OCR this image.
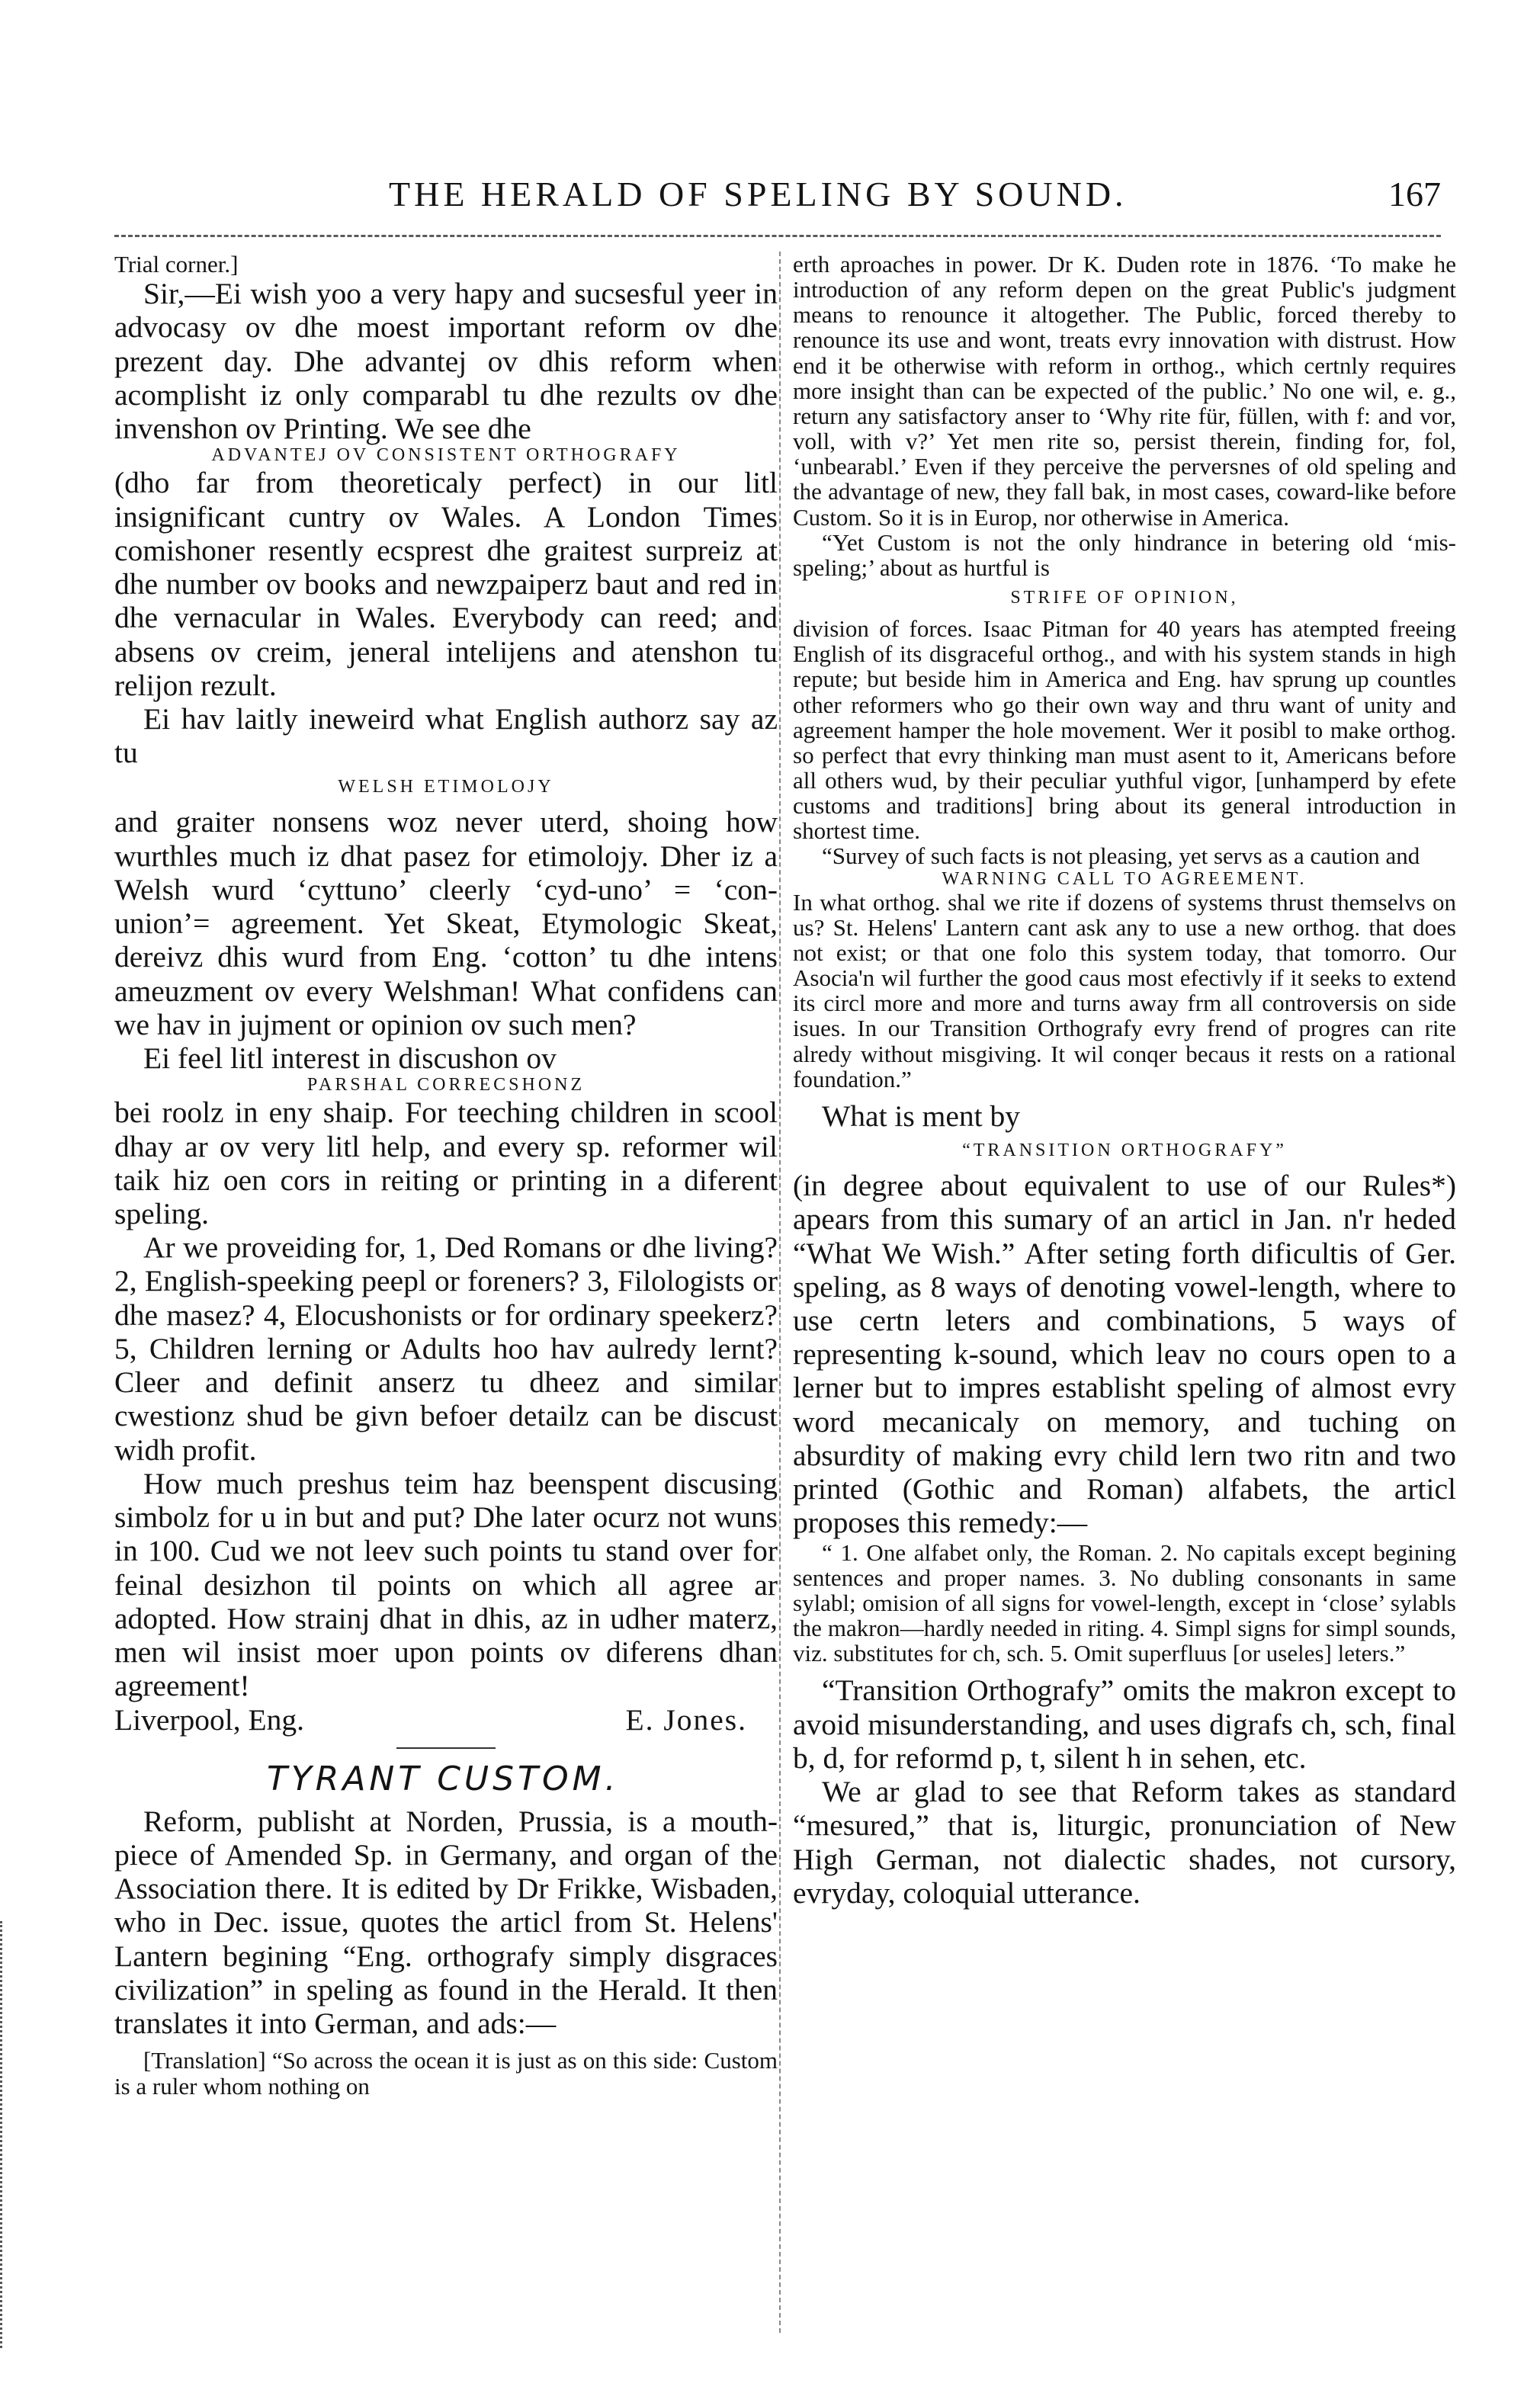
THE HERALD OF SPELING BY SOUND.	167

Trial corner.]

Sir,—Ei wish yoo a very hapy and sucsesful yeer in advocasy ov dhe moest important reform ov dhe prezent day. Dhe advantej ov dhis reform when acomplisht iz only comparabl tu dhe rezults ov dhe invenshon ov Printing. We see dhe

ADVANTEJ OV CONSISTENT ORTHOGRAFY

(dho far from theoreticaly perfect) in our litl insignificant cuntry ov Wales. A London Times comishoner resently ecsprest dhe graitest surpreiz at dhe number ov books and newzpaiperz baut and red in dhe vernacular in Wales. Everybody can reed; and absens ov creim, jeneral intelijens and atenshon tu relijon rezult.

Ei hav laitly ineweird what English authorz say az tu

WELSH ETIMOLOJY

and graiter nonsens woz never uterd, shoing how wurthles much iz dhat pasez for etimolojy. Dher iz a Welsh wurd ‘cyttuno’ cleerly ‘cyd-uno’ = ‘con-union’= agreement. Yet Skeat, Etymologic Skeat, dereivz dhis wurd from Eng. ‘cotton’ tu dhe intens ameuzment ov every Welshman! What confidens can we hav in jujment or opinion ov such men?

Ei feel litl interest in discushon ov

PARSHAL CORRECSHONZ

bei roolz in eny shaip. For teeching children in scool dhay ar ov very litl help, and every sp. reformer wil taik hiz oen cors in reiting or printing in a diferent speling.

Ar we proveiding for, 1, Ded Romans or dhe living? 2, English-speeking peepl or foreners? 3, Filologists or dhe masez? 4, Elocushonists or for ordinary speekerz? 5, Children lerning or Adults hoo hav aulredy lernt? Cleer and definit anserz tu dheez and similar cwestionz shud be givn befoer detailz can be discust widh profit.

How much preshus teim haz beenspent discusing simbolz for u in but and put? Dhe later ocurz not wuns in 100. Cud we not leev such points tu stand over for feinal desizhon til points on which all agree ar adopted. How strainj dhat in dhis, az in udher materz, men wil insist moer upon points ov diferens dhan agreement!

Liverpool, Eng.	E. Jones.

TYRANT CUSTOM.

Reform, publisht at Norden, Prussia, is a mouth-piece of Amended Sp. in Germany, and organ of the Association there. It is edited by Dr Frikke, Wisbaden, who in Dec. issue, quotes the articl from St. Helens' Lantern begining “Eng. orthografy simply disgraces civilization” in speling as found in the Herald. It then translates it into German, and ads:—

[Translation] “So across the ocean it is just as on this side: Custom is a ruler whom nothing on

erth aproaches in power. Dr K. Duden rote in 1876. ‘To make he introduction of any reform depen on the great Public's judgment means to renounce it altogether. The Public, forced thereby to renounce its use and wont, treats evry innovation with distrust. How end it be otherwise with reform in orthog., which certnly requires more insight than can be expected of the public.’ No one wil, e. g., return any satisfactory anser to ‘Why rite für, füllen, with f: and vor, voll, with v?’ Yet men rite so, persist therein, finding for, fol, ‘unbearabl.’ Even if they perceive the perversnes of old speling and the advantage of new, they fall bak, in most cases, coward-like before Custom. So it is in Europ, nor otherwise in America.

“Yet Custom is not the only hindrance in betering old ‘mis-speling;’ about as hurtful is

STRIFE OF OPINION,

division of forces. Isaac Pitman for 40 years has atempted freeing English of its disgraceful orthog., and with his system stands in high repute; but beside him in America and Eng. hav sprung up countles other reformers who go their own way and thru want of unity and agreement hamper the hole movement. Wer it posibl to make orthog. so perfect that evry thinking man must asent to it, Americans before all others wud, by their peculiar yuthful vigor, [unhamperd by efete customs and traditions] bring about its general introduction in shortest time.

“Survey of such facts is not pleasing, yet servs as a caution and

WARNING CALL TO AGREEMENT.

In what orthog. shal we rite if dozens of systems thrust themselvs on us? St. Helens' Lantern cant ask any to use a new orthog. that does not exist; or that one folo this system today, that tomorro. Our Asocia'n wil further the good caus most efectivly if it seeks to extend its circl more and more and turns away frm all controversis on side isues. In our Transition Orthografy evry frend of progres can rite alredy without misgiving. It wil conqer becaus it rests on a rational foundation.”

What is ment by

“TRANSITION ORTHOGRAFY”

(in degree about equivalent to use of our Rules*) apears from this sumary of an articl in Jan. n'r heded “What We Wish.” After seting forth dificultis of Ger. speling, as 8 ways of denoting vowel-length, where to use certn leters and combinations, 5 ways of representing k-sound, which leav no cours open to a lerner but to impres establisht speling of almost evry word mecanicaly on memory, and tuching on absurdity of making evry child lern two ritn and two printed (Gothic and Roman) alfabets, the articl proposes this remedy:—

“ 1. One alfabet only, the Roman. 2. No capitals except begining sentences and proper names. 3. No dubling consonants in same sylabl; omision of all signs for vowel-length, except in ‘close’ sylabls the makron—hardly needed in riting. 4. Simpl signs for simpl sounds, viz. substitutes for ch, sch. 5. Omit superfluus [or useles] leters.”

“Transition Orthografy” omits the makron except to avoid misunderstanding, and uses digrafs ch, sch, final b, d, for reformd p, t, silent h in sehen, etc.

We ar glad to see that Reform takes as standard “mesured,” that is, liturgic, pronunciation of New High German, not dialectic shades, not cursory, evryday, coloquial utterance.
